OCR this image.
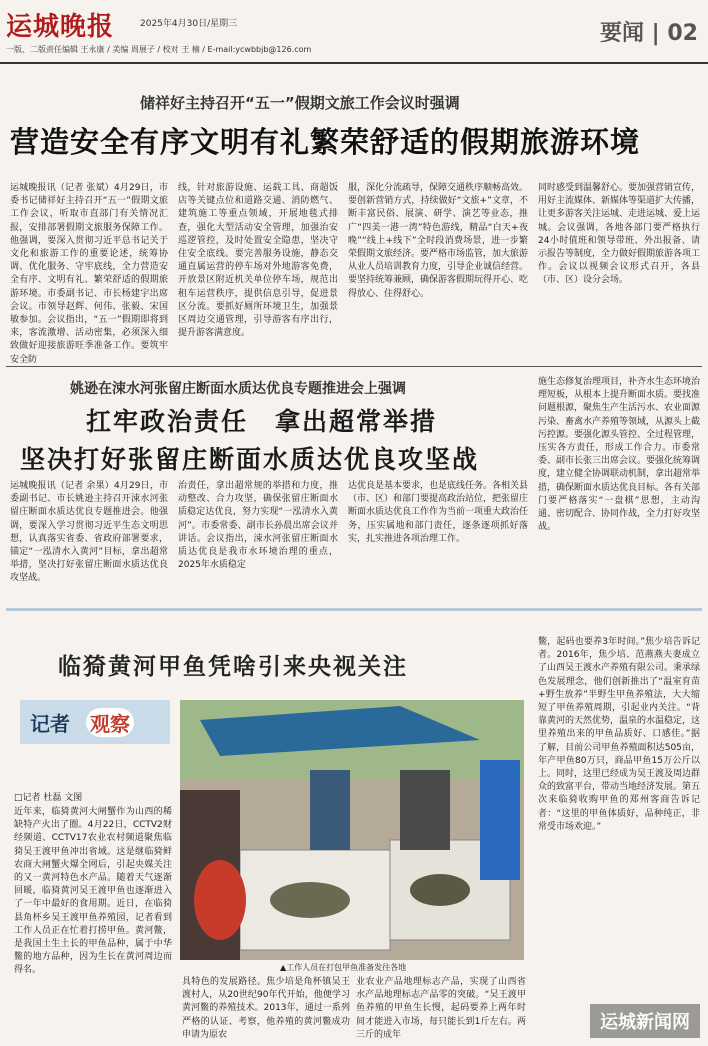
运城晚报	2025年4月30日/星期三
一版、二版责任编辑 王永康 / 美编 周展子 / 校对 王 楠 / E-mail:ycwbbjb@126.com
要闻 | 02
储祥好主持召开“五一”假期文旅工作会议时强调
营造安全有序文明有礼繁荣舒适的假期旅游环境
运城晚报讯（记者 张斌）4月29日，市委书记储祥好主持召开“五一”假期文旅工作会议，听取市直部门有关情况汇报，安排部署假期文旅服务保障工作。他强调，要深入贯彻习近平总书记关于文化和旅游工作的重要论述，统筹协调、优化服务、守牢底线，全力营造安全有序、文明有礼、繁荣舒适的假期旅游环境。市委副书记、市长杨建宇出席会议。市领导赵辉、何伟、张毅、宋国敏参加。会议指出，“五一”假期即将到来，客流激增、活动密集，必须深入细致做好迎接旅游旺季准备工作。要筑牢安全防
线，针对旅游设施、运载工具、商超饭店等关键点位和道路交通、消防燃气、建筑施工等重点领域，开展地毯式排查，强化大型活动安全管理，加强治安巡逻管控，及时处置安全隐患，坚决守住安全底线。要完善服务设施，静态交通直属运营的停车场对外地游客免费，开放景区附近机关单位停车场，规范出租车运营秩序，提供信息引导，促进景区分流。要抓好厕所环境卫生，加强景区周边交通管理，引导游客有序出行，提升游客满意度。
服，深化分流疏导，保障交通秩序顺畅高效。要创新营销方式，持续做好“文旅+”文章，不断丰富民俗、展演、研学、演艺等业态，推广“四美一港一湾”特色游线，精品“白天+夜晚”“线上+线下”全时段消费场景，进一步繁荣假期文旅经济。要严格市场监管，加大旅游从业人员培训教育力度，引导企业诚信经营。要坚持统筹兼顾，确保游客假期玩得开心、吃得放心、住得舒心。
同时感受到温馨舒心。要加强营销宣传，用好主流媒体、新媒体等渠道扩大传播，让更多游客关注运城、走进运城、爱上运城。会议强调，各地各部门要严格执行24小时值班和领导带班、外出报备、请示报告等制度，全力做好假期旅游各项工作。会议以视频会议形式召开，各县（市、区）设分会场。
姚逊在涑水河张留庄断面水质达优良专题推进会上强调
扛牢政治责任　拿出超常举措
坚决打好张留庄断面水质达优良攻坚战
施生态修复治理项目，补齐水生态环境治理短板，从根本上提升断面水质。要找准问题根源，聚焦生产生活污水、农业面源污染、畜禽水产养殖等领域，从源头上截污控源。要强化源头管控、全过程管理，压实各方责任，形成工作合力。市委常委、副市长张三出席会议。要强化统筹调度，建立健全协调联动机制，拿出超常举措，确保断面水质达优良目标。各有关部门要严格落实“一盘棋”思想，主动沟通、密切配合、协同作战，全力打好攻坚战。
运城晚报讯（记者 余果）4月29日，市委副书记、市长姚逊主持召开涑水河张留庄断面水质达优良专题推进会。他强调，要深入学习贯彻习近平生态文明思想，认真落实省委、省政府部署要求，锚定“一泓清水入黄河”目标，拿出超常举措，坚决打好张留庄断面水质达优良攻坚战。
治责任，拿出超常规的举措和力度，推动整改、合力攻坚，确保张留庄断面水质稳定达优良，努力实现“一泓清水入黄河”。市委常委、副市长孙晨出席会议并讲话。会议指出，涑水河张留庄断面水质达优良是我市水环境治理的重点，2025年水质稳定
达优良是基本要求，也是底线任务。各相关县（市、区）和部门要提高政治站位，把张留庄断面水质达优良工作作为当前一项重大政治任务，压实属地和部门责任，逐条逐项抓好落实，扎实推进各项治理工作。
临猗黄河甲鱼凭啥引来央视关注
记者 观察
□记者 杜磊 文图
近年来，临猗黄河大闸蟹作为山西的稀缺特产火出了圈。4月22日，CCTV2财经频道、CCTV17农业农村频道聚焦临猗吴王渡甲鱼冲出省域。这是继临猗鲜农商大闸蟹火爆全网后，引起央媒关注的又一黄河特色水产品。随着天气逐渐回暖，临猗黄河吴王渡甲鱼也逐渐进入了一年中最好的食用期。近日，在临猗县角杯乡吴王渡甲鱼养殖园，记者看到工作人员正在忙着打捞甲鱼。黄河鳖，是我国土生土长的甲鱼品种，属于中华鳖的地方品种，因为生长在黄河周边而得名。
具特色的发展路径。焦少培是角杯镇吴王渡村人，从20世纪90年代开始，他便学习黄河鳖的养殖技术。2013年，通过一系列严格的认证、考察，他养殖的黄河鳖成功申请为原农
业农业产品地理标志产品，实现了山西省水产品地理标志产品零的突破。“吴王渡甲鱼养殖的甲鱼生长慢，起码要养上两年时间才能进入市场，每只能长到1斤左右。两三斤的成年
鳖，起码也要养3年时间。”焦少培告诉记者。2016年，焦少培、范燕燕夫妻成立了山西吴王渡水产养殖有限公司。秉承绿色发展理念，他们创新推出了“温室育苗+野生放养”半野生甲鱼养殖法，大大缩短了甲鱼养殖周期，引起业内关注。“背靠黄河的天然优势，温泉的水温稳定，这里养殖出来的甲鱼品质好、口感佳。”据了解，目前公司甲鱼养殖面积达505亩，年产甲鱼80万只，商品甲鱼15万公斤以上。同时，这里已经成为吴王渡及周边群众的致富平台，带动当地经济发展。第五次来临猗收购甲鱼的郑州客商告诉记者：“这里的甲鱼体质好，品种纯正，非常受市场欢迎。”
▲工作人员在打包甲鱼准备发往各地
运城新闻网
